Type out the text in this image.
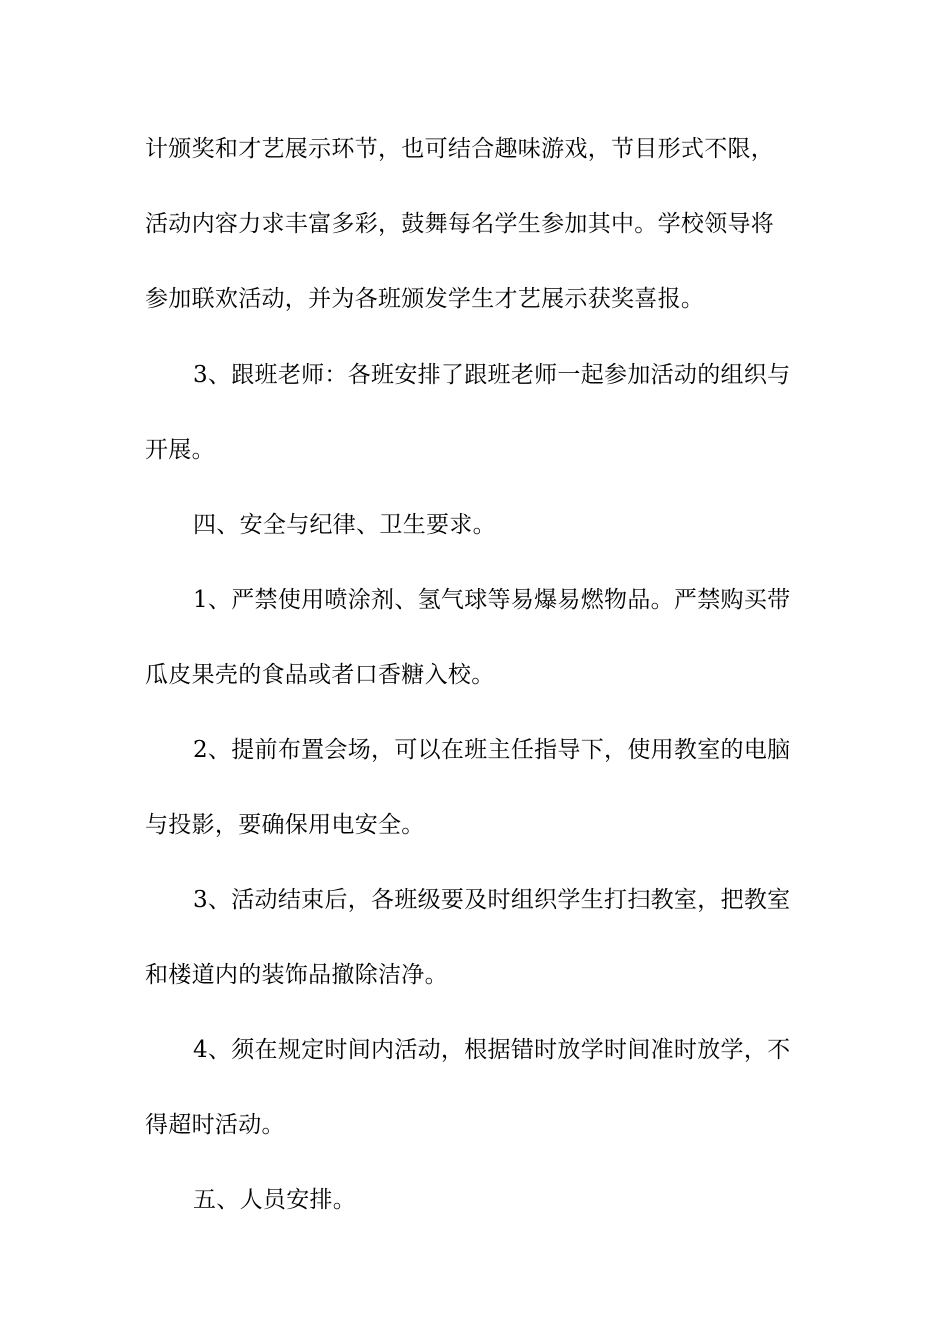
计颁奖和才艺展示环节，也可结合趣味游戏，节目形式不限，
活动内容力求丰富多彩，鼓舞每名学生参加其中。学校领导将
参加联欢活动，并为各班颁发学生才艺展示获奖喜报。
3、跟班老师：各班安排了跟班老师一起参加活动的组织与
开展。
四、安全与纪律、卫生要求。
1、严禁使用喷涂剂、氢气球等易爆易燃物品。严禁购买带
瓜皮果壳的食品或者口香糖入校。
2、提前布置会场，可以在班主任指导下，使用教室的电脑
与投影，要确保用电安全。
3、活动结束后，各班级要及时组织学生打扫教室，把教室
和楼道内的装饰品撤除洁净。
4、须在规定时间内活动，根据错时放学时间准时放学，不
得超时活动。
五、人员安排。
